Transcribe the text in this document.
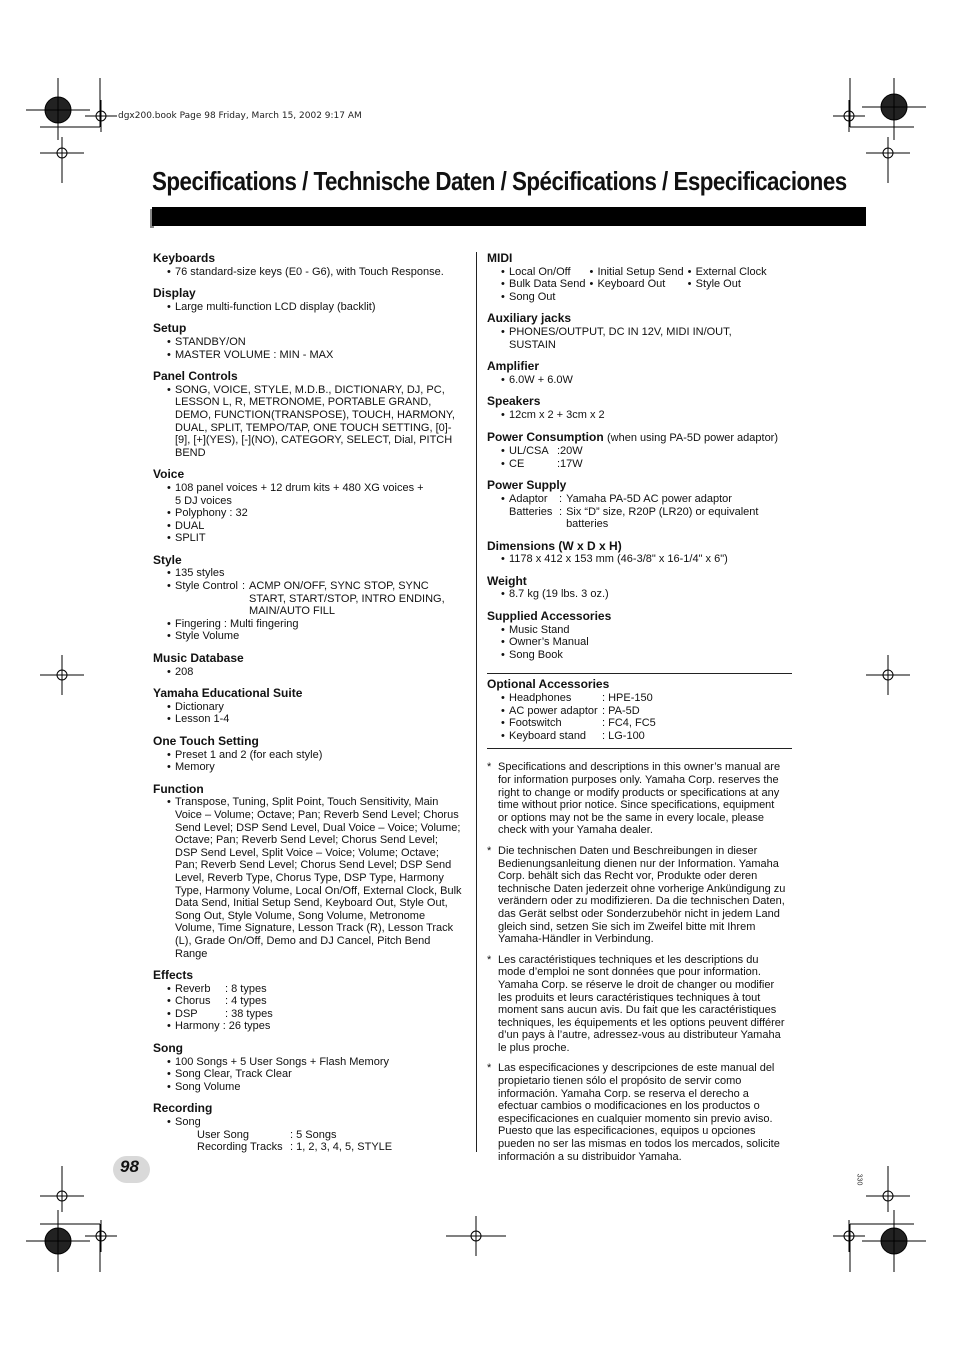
dgx200.book Page 98 Friday, March 15, 2002 9:17 AM
Specifications / Technische Daten / Spécifications / Especificaciones
Keyboards
• 76 standard-size keys (E0 - G6), with Touch Response.
Display
• Large multi-function LCD display (backlit)
Setup
• STANDBY/ON
• MASTER VOLUME : MIN - MAX
Panel Controls
• SONG, VOICE, STYLE, M.D.B., DICTIONARY, DJ, PC, LESSON L, R, METRONOME, PORTABLE GRAND, DEMO, FUNCTION(TRANSPOSE), TOUCH, HARMONY, DUAL, SPLIT, TEMPO/TAP, ONE TOUCH SETTING, [0]-[9], [+](YES), [-](NO), CATEGORY, SELECT, Dial, PITCH BEND
Voice
• 108 panel voices + 12 drum kits + 480 XG voices + 5 DJ voices
• Polyphony : 32
• DUAL
• SPLIT
Style
• 135 styles
• Style Control	:	ACMP ON/OFF, SYNC STOP, SYNC START, START/STOP, INTRO ENDING, MAIN/AUTO FILL
• Fingering : Multi fingering
• Style Volume
Music Database
• 208
Yamaha Educational Suite
• Dictionary
• Lesson 1-4
One Touch Setting
• Preset 1 and 2 (for each style)
• Memory
Function
• Transpose, Tuning, Split Point, Touch Sensitivity, Main Voice – Volume; Octave; Pan; Reverb Send Level; Chorus Send Level; DSP Send Level, Dual Voice – Voice; Volume; Octave; Pan; Reverb Send Level; Chorus Send Level; DSP Send Level, Split Voice – Voice; Volume; Octave; Pan; Reverb Send Level; Chorus Send Level; DSP Send Level, Reverb Type, Chorus Type, DSP Type, Harmony Type, Harmony Volume, Local On/Off, External Clock, Bulk Data Send, Initial Setup Send, Keyboard Out, Style Out, Song Out, Style Volume, Song Volume, Metronome Volume, Time Signature, Lesson Track (R), Lesson Track (L), Grade On/Off, Demo and DJ Cancel, Pitch Bend Range
Effects
• Reverb : 8 types
• Chorus : 4 types
• DSP : 38 types
• Harmony : 26 types
Song
• 100 Songs + 5 User Songs + Flash Memory
• Song Clear, Track Clear
• Song Volume
Recording
• Song
User Song	: 5 Songs
Recording Tracks : 1, 2, 3, 4, 5, STYLE
MIDI
• Local On/Off	• Initial Setup Send	• External Clock

• Bulk Data Send	• Keyboard Out	• Style Out

• Song Out

Auxiliary jacks
• PHONES/OUTPUT, DC IN 12V, MIDI IN/OUT, SUSTAIN
Amplifier
• 6.0W + 6.0W
Speakers
• 12cm x 2 + 3cm x 2
Power Consumption (when using PA-5D power adaptor)
• UL/CSA :20W
• CE	:17W
Power Supply
• Adaptor	:	Yamaha PA-5D AC power adaptor
Batteries	:	Six “D” size, R20P (LR20) or equivalent batteries
Dimensions (W x D x H)
• 1178 x 412 x 153 mm (46-3/8" x 16-1/4" x 6")
Weight
• 8.7 kg (19 lbs. 3 oz.)
Supplied Accessories
• Music Stand
• Owner’s Manual
• Song Book
Optional Accessories
• Headphones	: HPE-150
• AC power adaptor : PA-5D
• Footswitch	: FC4, FC5
• Keyboard stand : LG-100
* Specifications and descriptions in this owner’s manual are for information purposes only. Yamaha Corp. reserves the right to change or modify products or specifications at any time without prior notice. Since specifications, equipment or options may not be the same in every locale, please check with your Yamaha dealer.
* Die technischen Daten und Beschreibungen in dieser Bedienungsanleitung dienen nur der Information. Yamaha Corp. behält sich das Recht vor, Produkte oder deren technische Daten jederzeit ohne vorherige Ankündigung zu verändern oder zu modifizieren. Da die technischen Daten, das Gerät selbst oder Sonderzubehör nicht in jedem Land gleich sind, setzen Sie sich im Zweifel bitte mit Ihrem Yamaha-Händler in Verbindung.
* Les caractéristiques techniques et les descriptions du mode d’emploi ne sont données que pour information. Yamaha Corp. se réserve le droit de changer ou modifier les produits et leurs caractéristiques techniques à tout moment sans aucun avis. Du fait que les caractéristiques techniques, les équipements et les options peuvent différer d’un pays à l’autre, adressez-vous au distributeur Yamaha le plus proche.
* Las especificaciones y descripciones de este manual del propietario tienen sólo el propósito de servir como información. Yamaha Corp. se reserva el derecho a efectuar cambios o modificaciones en los productos o especificaciones en cualquier momento sin previo aviso. Puesto que las especificaciones, equipos u opciones pueden no ser las mismas en todos los mercados, solicite información a su distribuidor Yamaha.
98
330
